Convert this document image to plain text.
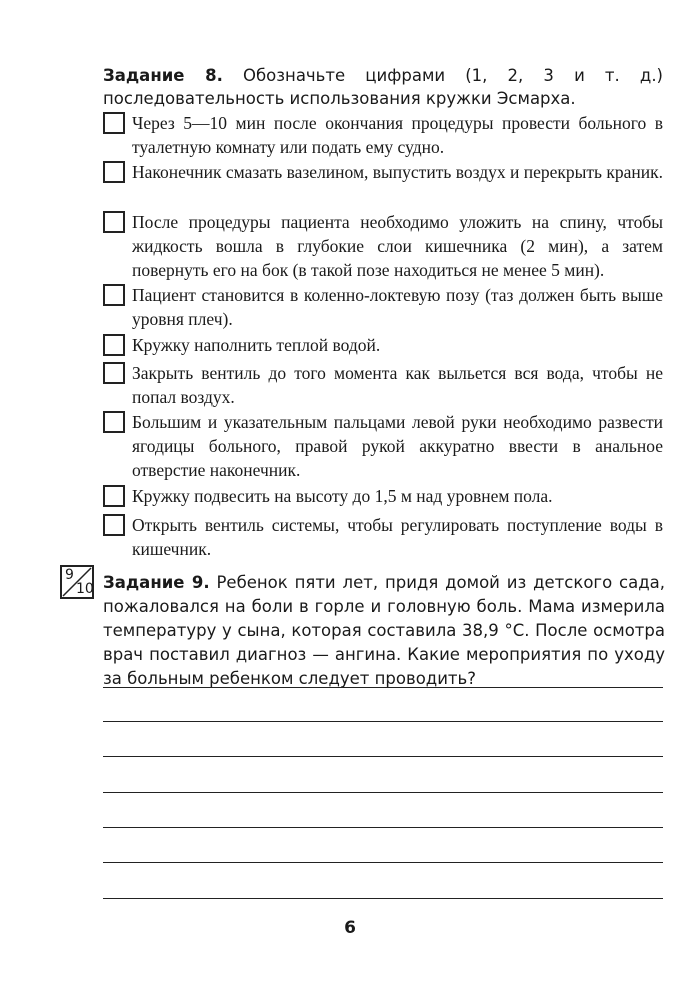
Задание 8. Обозначьте цифрами (1, 2, 3 и т. д.) последовательность использования кружки Эсмарха.
Через 5—10 мин после окончания процедуры провести больного в туалетную комнату или подать ему судно.
Наконечник смазать вазелином, выпустить воздух и перекрыть краник.
После процедуры пациента необходимо уложить на спину, чтобы жидкость вошла в глубокие слои кишечника (2 мин), а затем повернуть его на бок (в такой позе находиться не менее 5 мин).
Пациент становится в коленно-локтевую позу (таз должен быть выше уровня плеч).
Кружку наполнить теплой водой.
Закрыть вентиль до того момента как выльется вся вода, чтобы не попал воздух.
Большим и указательным пальцами левой руки необходимо развести ягодицы больного, правой рукой аккуратно ввести в анальное отверстие наконечник.
Кружку подвесить на высоту до 1,5 м над уровнем пола.
Открыть вентиль системы, чтобы регулировать поступление воды в кишечник.
9
10 Задание 9. Ребенок пяти лет, придя домой из детского сада, пожаловался на боли в горле и головную боль. Мама измерила температуру у сына, которая составила 38,9 °С. После осмотра врач поставил диагноз — ангина. Какие мероприятия по уходу за больным ребенком следует проводить?
6
